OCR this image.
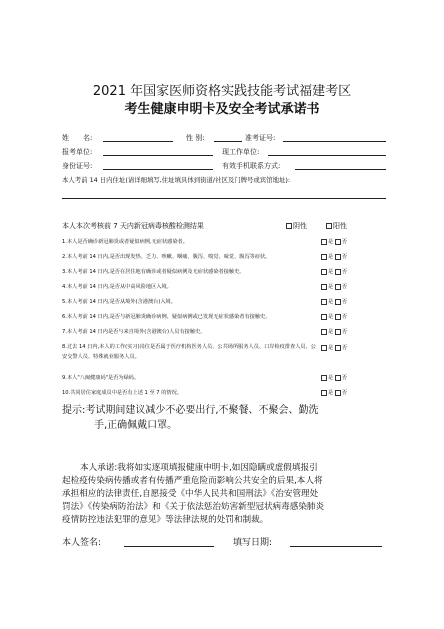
2021 年国家医师资格实践技能考试福建考区
考生健康申明卡及安全考试承诺书
姓　　名:	性 别:	准考证号:
报考单位:	现工作单位:
身份证号:	有效手机联系方式:
本人考前 14 日内住址(请详细填写,住址填具体到街道/社区及门牌号或宾馆地址):
本人本次考核前 7 天内新冠病毒核酸检测结果	阴性	阳性
1.本人是否确诊新冠肺炎或者疑似病例,无症状感染者。	是 否
2.本人考前 14 日内,是否出现发热、乏力、咳嗽、咽痛、腹泻、嗅觉、味觉、腹泻等症状。	是 否
3.本人考前 14 日内,是否在居住地有确诊或者疑似病例及无症状感染者接触史。	是 否
4.本人考前 14 日内,是否从中高风险地区入境。	是 否
5.本人考前 14 日内,是否从境外(含港澳台)入境。	是 否
6.本人考前 14 日内,是否与新冠肺炎确诊病例、疑似病例或已发现无症状感染者有接触史。	是 否
7.本人考前 14 日内是否与来自境外(含港澳台)人员有接触史。	是 否
8.过去 14 日内,本人的工作(实习)岗位是否属于医疗机构医务人员、公共场所服务人员、口岸检疫排查人员、公安交警人员、特殊就业服务人员。
是 否
9.本人"八闽健康码"是否为绿码。	是 否
10.共同居住家庭成员中是否有上述 1 至 7 的情况。	是 否
提示:考试期间建议减少不必要出行,不聚餐、不聚会、勤洗
手,正确佩戴口罩。
本人承诺:我将如实逐项填报健康申明卡,如因隐瞒或虚假填报引
起检疫传染病传播或者有传播严重危险而影响公共安全的后果,本人将
承担相应的法律责任,自愿接受《中华人民共和国刑法》《治安管理处
罚法》《传染病防治法》和《关于依法惩治妨害新型冠状病毒感染肺炎
疫情防控违法犯罪的意见》等法律法规的处罚和制裁。
本人签名:	填写日期:
